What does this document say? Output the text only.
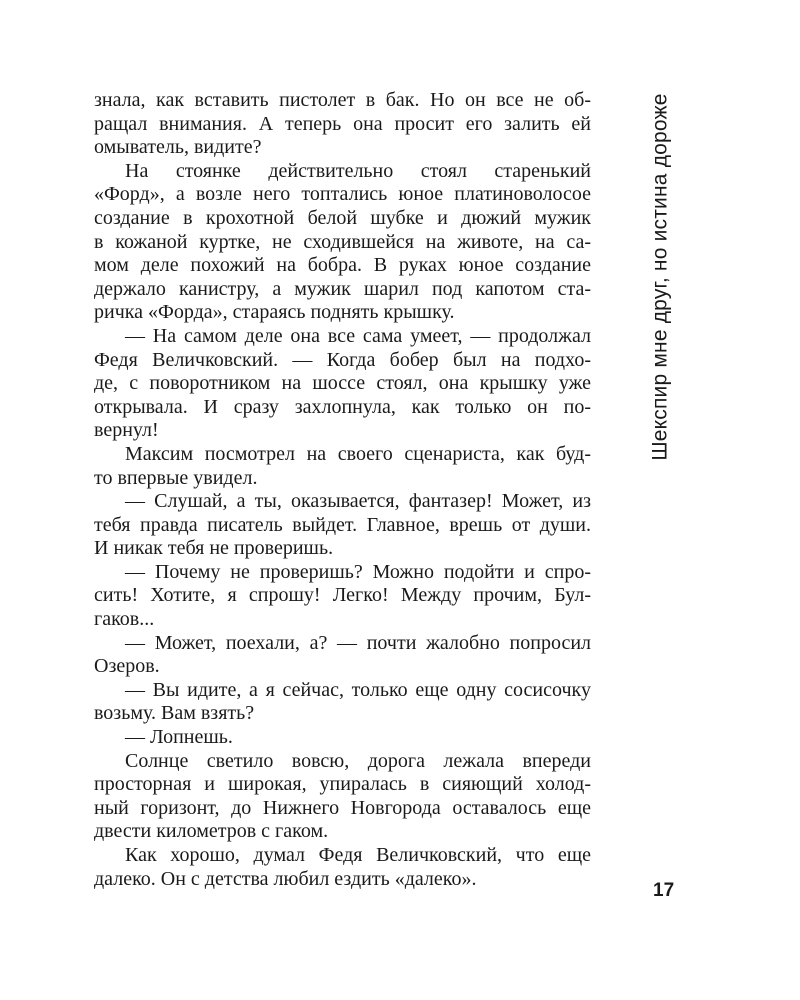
знала, как вставить пистолет в бак. Но он все не об-
ращал внимания. А теперь она просит его залить ей
омыватель, видите?
На стоянке действительно стоял старенький
«Форд», а возле него топтались юное платиноволосое
создание в крохотной белой шубке и дюжий мужик
в кожаной куртке, не сходившейся на животе, на са-
мом деле похожий на бобра. В руках юное создание
держало канистру, а мужик шарил под капотом ста-
ричка «Форда», стараясь поднять крышку.
— На самом деле она все сама умеет, — продолжал
Федя Величковский. — Когда бобер был на подхо-
де, с поворотником на шоссе стоял, она крышку уже
открывала. И сразу захлопнула, как только он по-
вернул!
Максим посмотрел на своего сценариста, как буд-
то впервые увидел.
— Слушай, а ты, оказывается, фантазер! Может, из
тебя правда писатель выйдет. Главное, врешь от души.
И никак тебя не проверишь.
— Почему не проверишь? Можно подойти и спро-
сить! Хотите, я спрошу! Легко! Между прочим, Бул-
гаков...
— Может, поехали, а? — почти жалобно попросил
Озеров.
— Вы идите, а я сейчас, только еще одну сосисочку
возьму. Вам взять?
— Лопнешь.
Солнце светило вовсю, дорога лежала впереди
просторная и широкая, упиралась в сияющий холод-
ный горизонт, до Нижнего Новгорода оставалось еще
двести километров с гаком.
Как хорошо, думал Федя Величковский, что еще
далеко. Он с детства любил ездить «далеко».
Шекспир мне друг, но истина дороже
17
